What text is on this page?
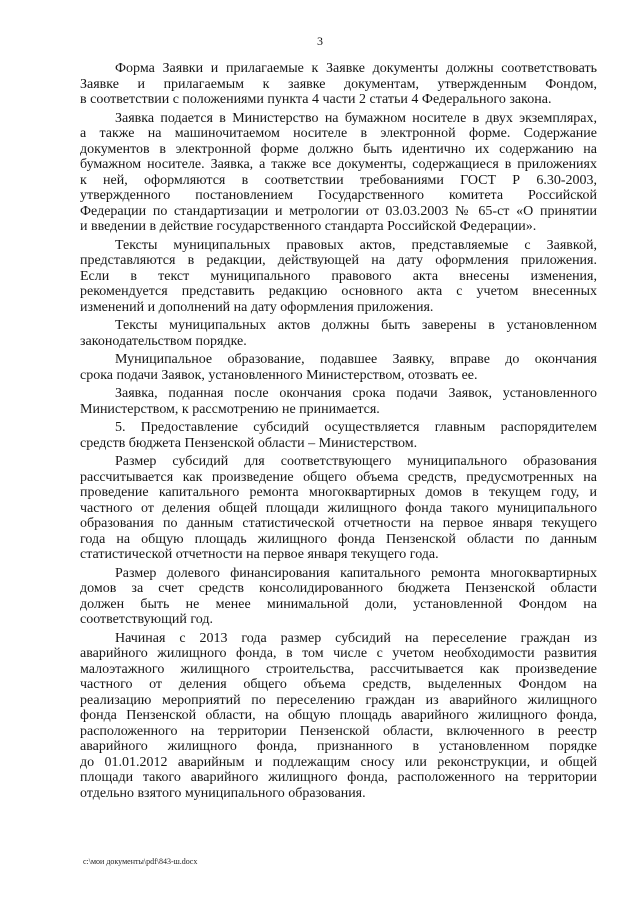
3
Форма Заявки и прилагаемые к Заявке документы должны соответствовать
Заявке и прилагаемым к заявке документам, утвержденным Фондом,
в соответствии с положениями пункта 4 части 2 статьи 4 Федерального закона.
Заявка подается в Министерство на бумажном носителе в двух экземплярах,
а также на машиночитаемом носителе в электронной форме. Содержание
документов в электронной форме должно быть идентично их содержанию на
бумажном носителе. Заявка, а также все документы, содержащиеся в приложениях
к ней, оформляются в соответствии требованиями ГОСТ Р 6.30-2003,
утвержденного постановлением Государственного комитета Российской
Федерации по стандартизации и метрологии от 03.03.2003 № 65-ст «О принятии
и введении в действие государственного стандарта Российской Федерации».
Тексты муниципальных правовых актов, представляемые с Заявкой,
представляются в редакции, действующей на дату оформления приложения.
Если в текст муниципального правового акта внесены изменения,
рекомендуется представить редакцию основного акта с учетом внесенных
изменений и дополнений на дату оформления приложения.
Тексты муниципальных актов должны быть заверены в установленном
законодательством порядке.
Муниципальное образование, подавшее Заявку, вправе до окончания
срока подачи Заявок, установленного Министерством, отозвать ее.
Заявка, поданная после окончания срока подачи Заявок, установленного
Министерством, к рассмотрению не принимается.
5. Предоставление субсидий осуществляется главным распорядителем
средств бюджета Пензенской области – Министерством.
Размер субсидий для соответствующего муниципального образования
рассчитывается как произведение общего объема средств, предусмотренных на
проведение капитального ремонта многоквартирных домов в текущем году, и
частного от деления общей площади жилищного фонда такого муниципального
образования по данным статистической отчетности на первое января текущего
года на общую площадь жилищного фонда Пензенской области по данным
статистической отчетности на первое января текущего года.
Размер долевого финансирования капитального ремонта многоквартирных
домов за счет средств консолидированного бюджета Пензенской области
должен быть не менее минимальной доли, установленной Фондом на
соответствующий год.
Начиная с 2013 года размер субсидий на переселение граждан из
аварийного жилищного фонда, в том числе с учетом необходимости развития
малоэтажного жилищного строительства, рассчитывается как произведение
частного от деления общего объема средств, выделенных Фондом на
реализацию мероприятий по переселению граждан из аварийного жилищного
фонда Пензенской области, на общую площадь аварийного жилищного фонда,
расположенного на территории Пензенской области, включенного в реестр
аварийного жилищного фонда, признанного в установленном порядке
до 01.01.2012 аварийным и подлежащим сносу или реконструкции, и общей
площади такого аварийного жилищного фонда, расположенного на территории
отдельно взятого муниципального образования.
c:\мои документы\pdf\843-ш.docx
